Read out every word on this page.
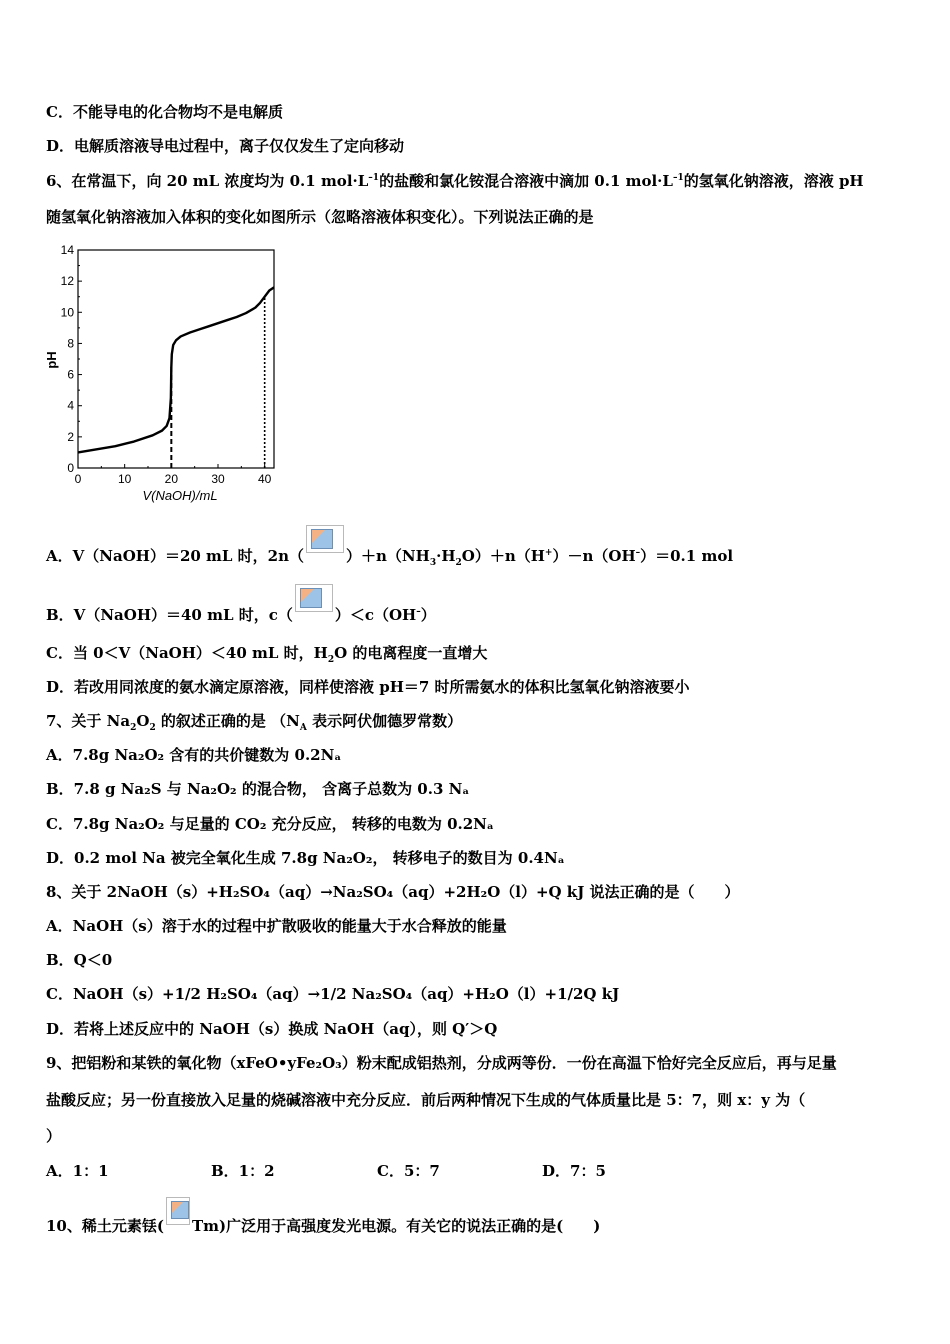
C．不能导电的化合物均不是电解质
D．电解质溶液导电过程中，离子仅仅发生了定向移动
6、在常温下，向 20 mL 浓度均为 0.1 $mol\cdot L^{-1}$的盐酸和氯化铵混合溶液中滴加 0.1 $mol\cdot L^{-1}$的氢氧化钠溶液，溶液 pH
随氢氧化钠溶液加入体积的变化如图所示（忽略溶液体积变化）。下列说法正确的是
0	10	20	30	40
0
2
4
6
8
10
12
14
pH
V(NaOH)/mL
A．V（NaOH）＝20 mL 时，2n（	）$+n(NH_3\cdot H_2O)+n(H^+)-n(OH^-)=0.1$ mol
B．V（NaOH）＝40 mL 时，c（	）＜c（OH–）
C．当 0＜V（NaOH）＜40 mL 时，$H_2O$ 的电离程度一直增大
D．若改用同浓度的氨水滴定原溶液，同样使溶液 pH＝7 时所需氨水的体积比氢氧化钠溶液要小
7、关于 $Na_2O_2$ 的叙述正确的是 （$N_A$ 表示阿伏伽德罗常数）
A．7.8g Na₂O₂ 含有的共价键数为 0.2Nₐ
B．7.8 g Na₂S 与 Na₂O₂ 的混合物， 含离子总数为 0.3 Nₐ
C．7.8g Na₂O₂ 与足量的 CO₂ 充分反应， 转移的电数为 0.2Nₐ
D．0.2 mol Na 被完全氧化生成 7.8g Na₂O₂， 转移电子的数目为 0.4Nₐ
8、关于 2NaOH（s）+H₂SO₄（aq）→Na₂SO₄（aq）+2H₂O（l）+Q kJ 说法正确的是（　　）
A．NaOH（s）溶于水的过程中扩散吸收的能量大于水合释放的能量
B．Q＜0
C．NaOH（s）+1/2 H₂SO₄（aq）→1/2 Na₂SO₄（aq）+H₂O（l）+1/2Q kJ
D．若将上述反应中的 NaOH（s）换成 NaOH（aq），则 Q′＞Q
9、把铝粉和某铁的氧化物（xFeO•yFe₂O₃）粉末配成铝热剂，分成两等份．一份在高温下恰好完全反应后，再与足量
盐酸反应；另一份直接放入足量的烧碱溶液中充分反应．前后两种情况下生成的气体质量比是 5：7，则 x：y 为（
）
A．1：1	B．1：2	C．5：7	D．7：5
10、稀土元素铥( Tm)广泛用于高强度发光电源。有关它的说法正确的是(　　)
